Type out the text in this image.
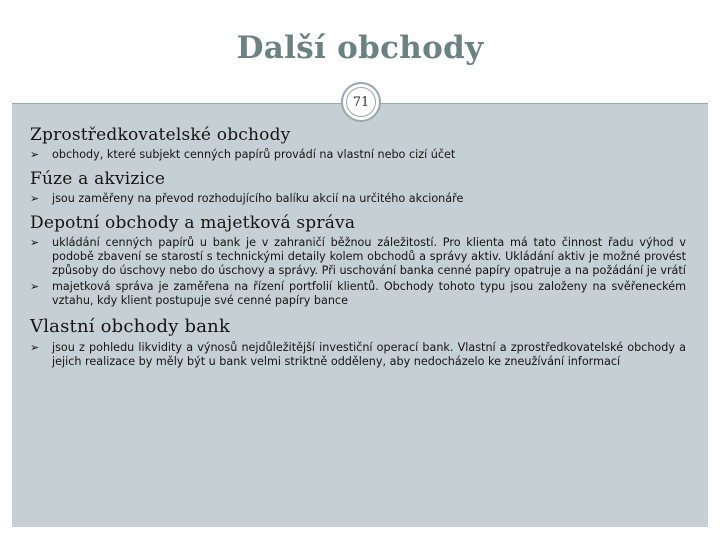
Další obchody
71
Zprostředkovatelské obchody
➢ obchody, které subjekt cenných papírů provádí na vlastní nebo cizí účet
Fúze a akvizice
➢ jsou zaměřeny na převod rozhodujícího balíku akcií na určitého akcionáře
Depotní obchody a majetková správa
➢ ukládání cenných papírů u bank je v zahraničí běžnou záležitostí. Pro klienta má tato činnost řadu výhod v podobě zbavení se starostí s technickými detaily kolem obchodů a správy aktiv. Ukládání aktiv je možné provést způsoby do úschovy nebo do úschovy a správy. Při uschování banka cenné papíry opatruje a na požádání je vrátí
➢ majetková správa je zaměřena na řízení portfolií klientů. Obchody tohoto typu jsou založeny na svěřeneckém vztahu, kdy klient postupuje své cenné papíry bance
Vlastní obchody bank
➢ jsou z pohledu likvidity a výnosů nejdůležitější investiční operací bank. Vlastní a zprostředkovatelské obchody a jejich realizace by měly být u bank velmi striktně odděleny, aby nedocházelo ke zneužívání informací
